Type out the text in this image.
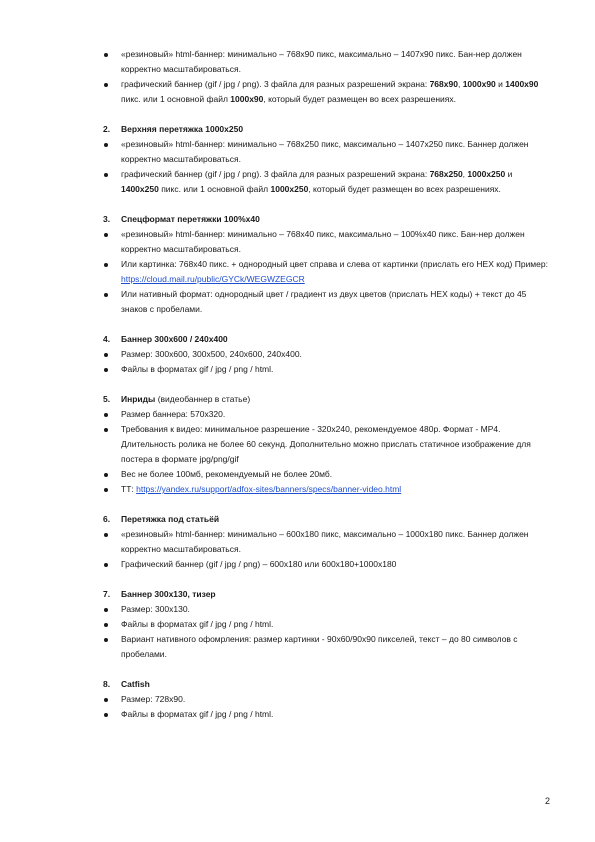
«резиновый» html-баннер: минимально – 768x90 пикс, максимально – 1407x90 пикс. Бан-нер должен корректно масштабироваться.
графический баннер (gif / jpg / png). 3 файла для разных разрешений экрана: 768x90, 1000x90 и 1400x90 пикс. или 1 основной файл 1000x90, который будет размещен во всех разрешениях.
2. Верхняя перетяжка 1000x250
«резиновый» html-баннер: минимально – 768x250 пикс, максимально – 1407x250 пикс. Баннер должен корректно масштабироваться.
графический баннер (gif / jpg / png). 3 файла для разных разрешений экрана: 768x250, 1000x250 и 1400x250 пикс. или 1 основной файл 1000x250, который будет размещен во всех разрешениях.
3. Спецформат перетяжки 100%x40
«резиновый» html-баннер: минимально – 768x40 пикс, максимально – 100%x40 пикс. Бан-нер должен корректно масштабироваться.
Или картинка: 768x40 пикс. + однородный цвет справа и слева от картинки (прислать его HEX код) Пример: https://cloud.mail.ru/public/GYCk/WEGWZEGCR
Или нативный формат: однородный цвет / градиент из двух цветов (прислать HEX коды) + текст до 45 знаков с пробелами.
4. Баннер 300x600 / 240x400
Размер: 300x600, 300x500, 240x600, 240x400.
Файлы в форматах gif / jpg / png / html.
5. Инриды (видеобаннер в статье)
Размер баннера: 570x320.
Требования к видео: минимальное разрешение - 320x240, рекомендуемое 480p. Формат - MP4. Длительность ролика не более 60 секунд. Дополнительно можно прислать статичное изображение для постера в формате jpg/png/gif
Вес не более 100мб, рекомендуемый не более 20мб.
ТТ: https://yandex.ru/support/adfox-sites/banners/specs/banner-video.html
6. Перетяжка под статьёй
«резиновый» html-баннер: минимально – 600x180 пикс, максимально – 1000x180 пикс. Баннер должен корректно масштабироваться.
Графический баннер (gif / jpg / png) – 600x180 или 600x180+1000x180
7. Баннер 300x130, тизер
Размер: 300x130.
Файлы в форматах gif / jpg / png / html.
Вариант нативного офомрления: размер картинки - 90x60/90x90 пикселей, текст – до 80 символов с пробелами.
8. Catfish
Размер: 728x90.
Файлы в форматах gif / jpg / png / html.
2
